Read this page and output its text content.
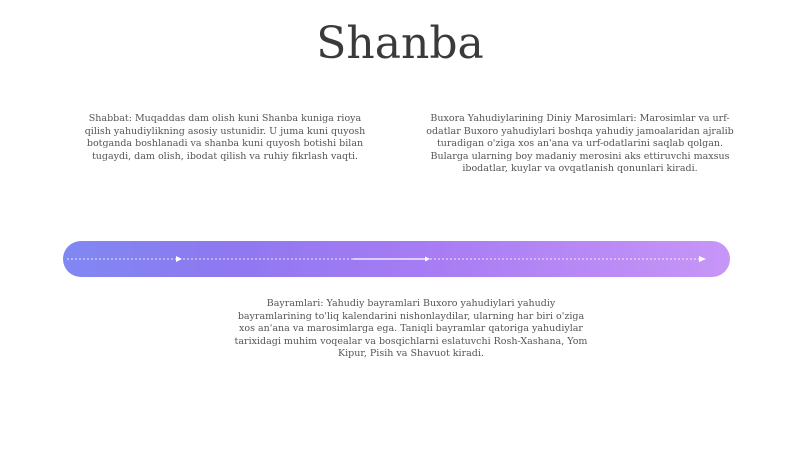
Shanba
Shabbat: Muqaddas dam olish kuni Shanba kuniga rioya qilish yahudiylikning asosiy ustunidir. U juma kuni quyosh botganda boshlanadi va shanba kuni quyosh botishi bilan tugaydi, dam olish, ibodat qilish va ruhiy fikrlash vaqti.
Buxora Yahudiylarining Diniy Marosimlari: Marosimlar va urf-odatlar Buxoro yahudiylari boshqa yahudiy jamoalaridan ajralib turadigan o'ziga xos an'ana va urf-odatlarini saqlab qolgan. Bularga ularning boy madaniy merosini aks ettiruvchi maxsus ibodatlar, kuylar va ovqatlanish qonunlari kiradi.
Bayramlari: Yahudiy bayramlari Buxoro yahudiylari yahudiy bayramlarining to'liq kalendarini nishonlaydilar, ularning har biri o'ziga xos an'ana va marosimlarga ega. Taniqli bayramlar qatoriga yahudiylar tarixidagi muhim voqealar va bosqichlarni eslatuvchi Rosh-Xashana, Yom Kipur, Pisih va Shavuot kiradi.
